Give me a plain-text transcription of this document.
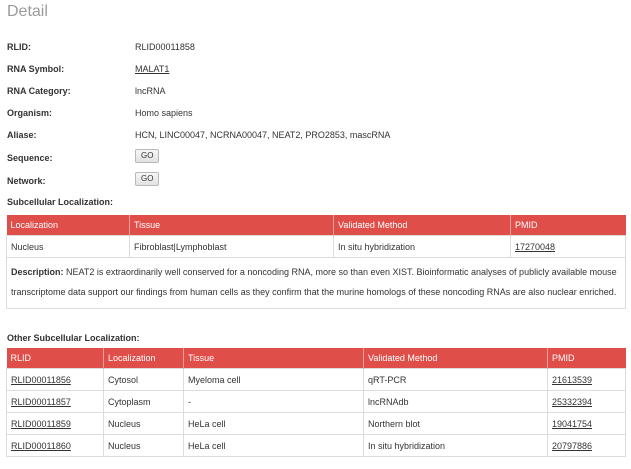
Detail
RLID:	RLID00011858
RNA Symbol:	MALAT1
RNA Category:	lncRNA
Organism:	Homo sapiens
Aliase:	HCN, LINC00047, NCRNA00047, NEAT2, PRO2853, mascRNA
Sequence:	GO
Network:	GO
Subcellular Localization:
Localization	Tissue	Validated Method	PMID
Nucleus	Fibroblast|Lymphoblast	In situ hybridization	17270048
Description: NEAT2 is extraordinarily well conserved for a noncoding RNA, more so than even XIST. Bioinformatic analyses of publicly available mouse transcriptome data support our findings from human cells as they confirm that the murine homologs of these noncoding RNAs are also nuclear enriched.			
Other Subcellular Localization:
RLID	Localization	Tissue	Validated Method	PMID
RLID00011856	Cytosol	Myeloma cell	qRT-PCR	21613539
RLID00011857	Cytoplasm	-	lncRNAdb	25332394
RLID00011859	Nucleus	HeLa cell	Northern blot	19041754
RLID00011860	Nucleus	HeLa cell	In situ hybridization	20797886
